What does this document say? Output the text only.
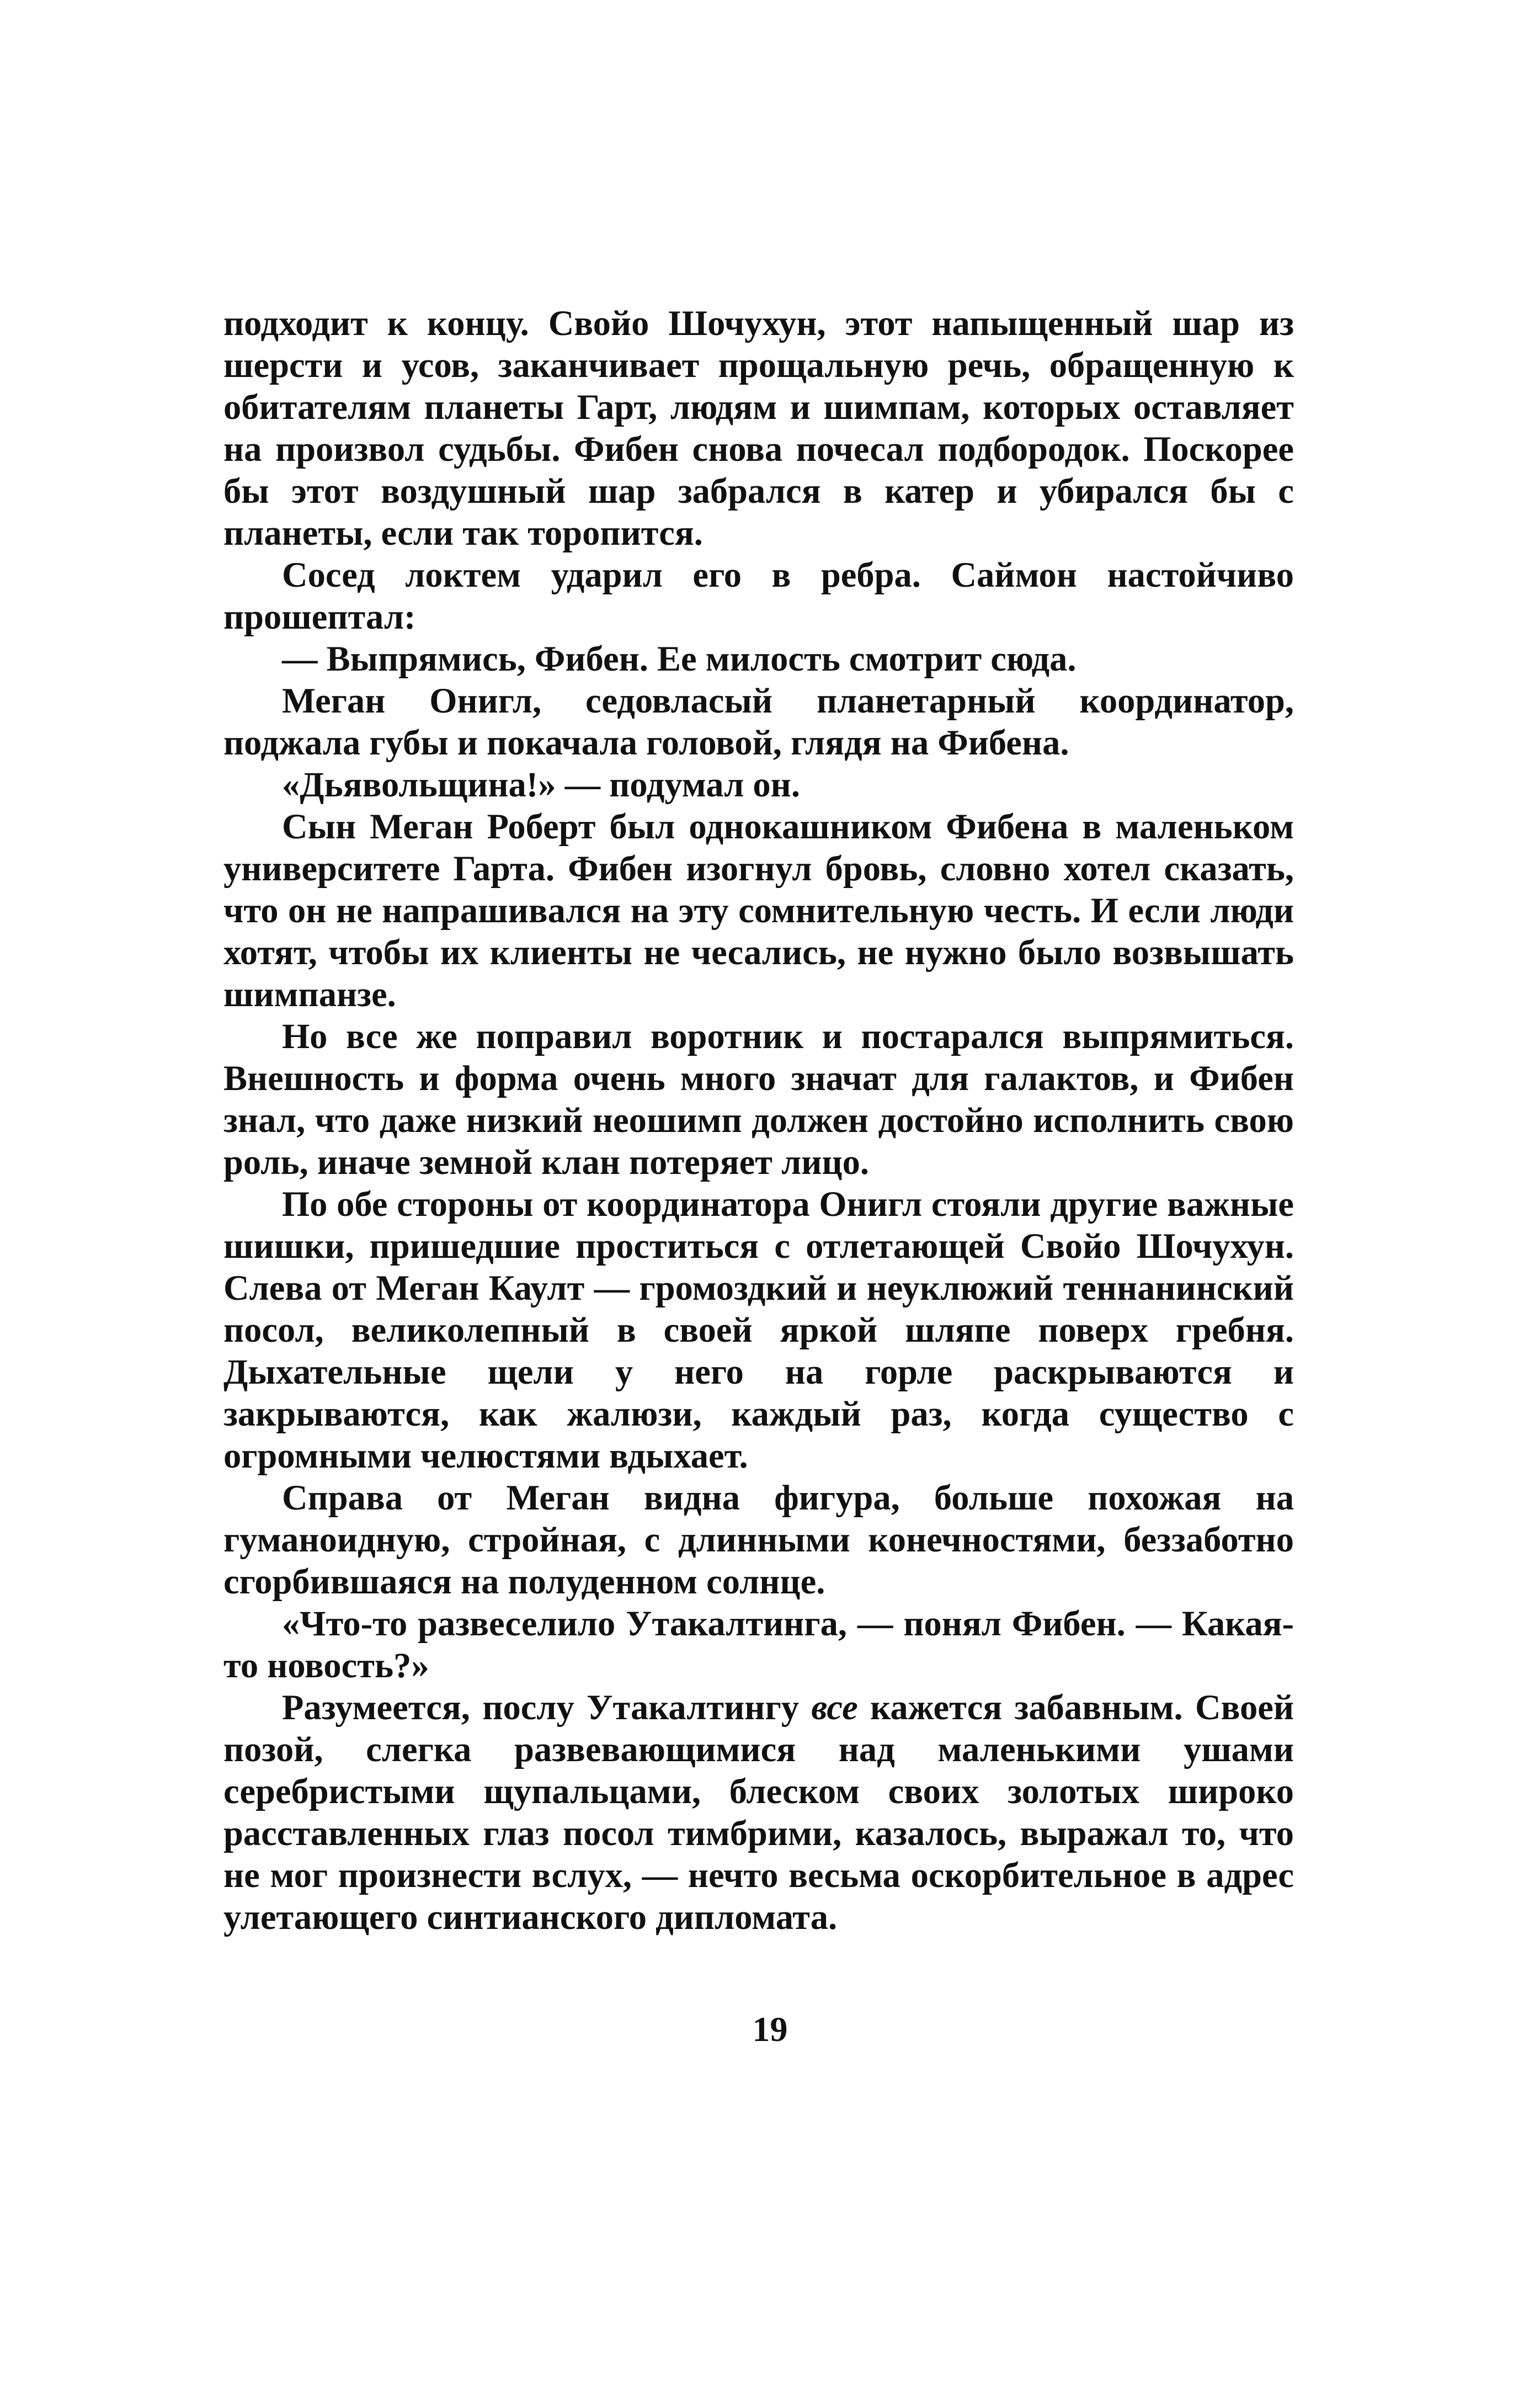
подходит к концу. Свойо Шочухун, этот напыщенный шар из шерсти и усов, заканчивает прощальную речь, обращенную к обитателям планеты Гарт, людям и шимпам, которых оставляет на произвол судьбы. Фибен снова почесал подбородок. Поскорее бы этот воздушный шар забрался в катер и убирался бы с планеты, если так торопится.

Сосед локтем ударил его в ребра. Саймон настойчиво прошептал:

— Выпрямись, Фибен. Ее милость смотрит сюда.

Меган Онигл, седовласый планетарный координатор, поджала губы и покачала головой, глядя на Фибена.

«Дьявольщина!» — подумал он.

Сын Меган Роберт был однокашником Фибена в маленьком университете Гарта. Фибен изогнул бровь, словно хотел сказать, что он не напрашивался на эту сомнительную честь. И если люди хотят, чтобы их клиенты не чесались, не нужно было возвышать шимпанзе.

Но все же поправил воротник и постарался выпрямиться. Внешность и форма очень много значат для галактов, и Фибен знал, что даже низкий неошимп должен достойно исполнить свою роль, иначе земной клан потеряет лицо.

По обе стороны от координатора Онигл стояли другие важные шишки, пришедшие проститься с отлетающей Свойо Шочухун. Слева от Меган Каулт — громоздкий и неуклюжий теннанинский посол, великолепный в своей яркой шляпе поверх гребня. Дыхательные щели у него на горле раскрываются и закрываются, как жалюзи, каждый раз, когда существо с огромными челюстями вдыхает.

Справа от Меган видна фигура, больше похожая на гуманоидную, стройная, с длинными конечностями, беззаботно сгорбившаяся на полуденном солнце.

«Что-то развеселило Утакалтинга, — понял Фибен. — Какая-то новость?»

Разумеется, послу Утакалтингу все кажется забавным. Своей позой, слегка развевающимися над маленькими ушами серебристыми щупальцами, блеском своих золотых широко расставленных глаз посол тимбрими, казалось, выражал то, что не мог произнести вслух, — нечто весьма оскорбительное в адрес улетающего синтианского дипломата.

19
